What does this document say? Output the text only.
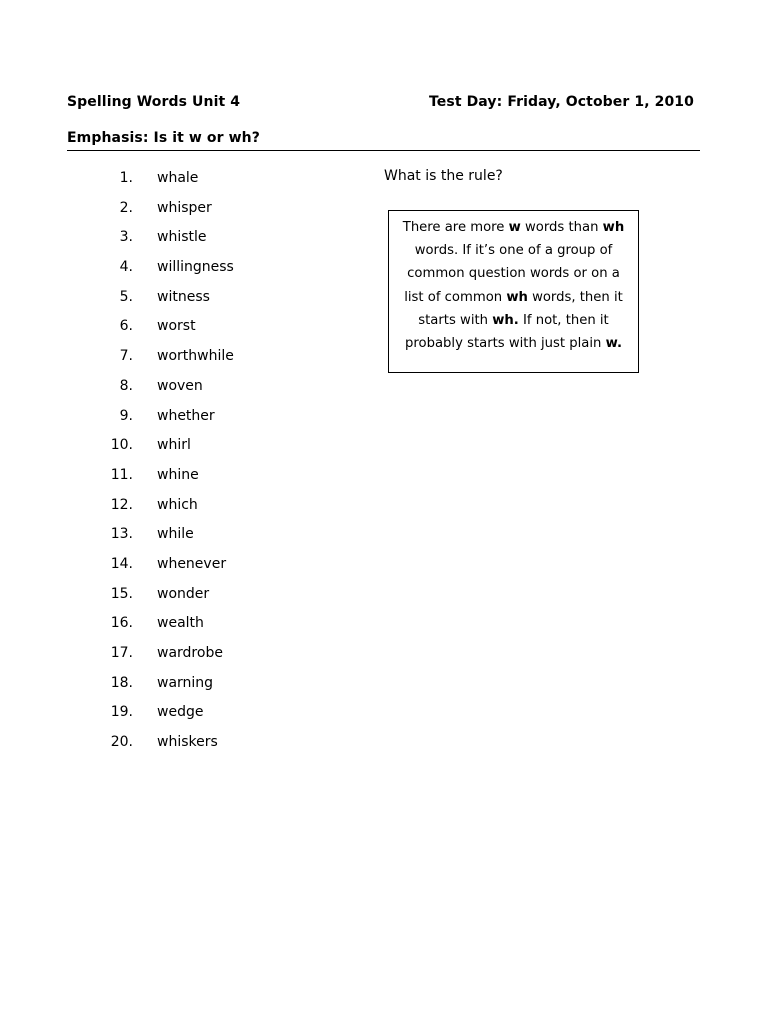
Spelling Words Unit 4	Test Day: Friday, October 1, 2010
Emphasis: Is it w or wh?
1. whale
2. whisper
3. whistle
4. willingness
5. witness
6. worst
7. worthwhile
8. woven
9. whether
10. whirl
11. whine
12. which
13. while
14. whenever
15. wonder
16. wealth
17. wardrobe
18. warning
19. wedge
20. whiskers
What is the rule?

There are more w words than wh words. If it’s one of a group of common question words or on a list of common wh words, then it starts with wh. If not, then it probably starts with just plain w.
